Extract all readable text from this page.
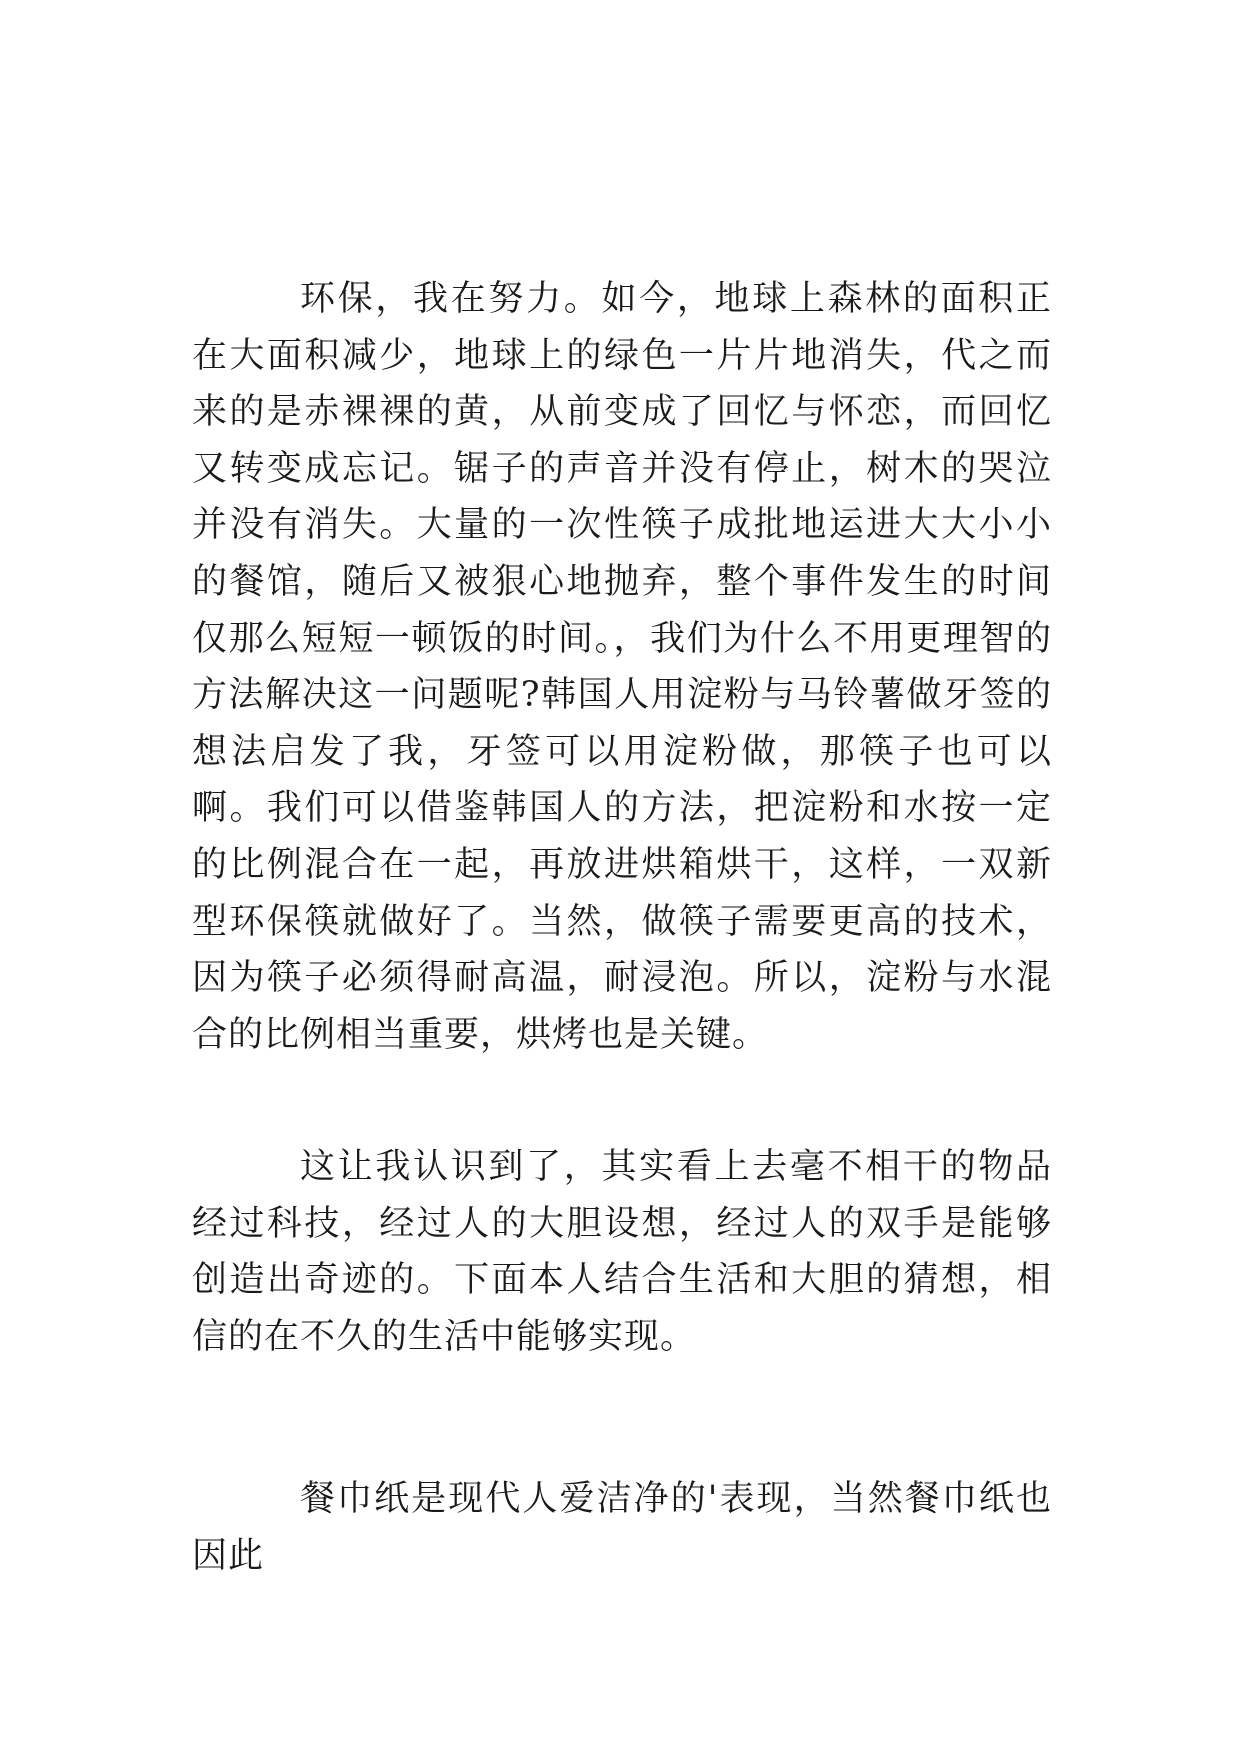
环保，我在努力。如今，地球上森林的面积正在大面积减少，地球上的绿色一片片地消失，代之而来的是赤裸裸的黄，从前变成了回忆与怀恋，而回忆又转变成忘记。锯子的声音并没有停止，树木的哭泣并没有消失。大量的一次性筷子成批地运进大大小小的餐馆，随后又被狠心地抛弃，整个事件发生的时间仅那么短短一顿饭的时间。，我们为什么不用更理智的方法解决这一问题呢?韩国人用淀粉与马铃薯做牙签的想法启发了我，牙签可以用淀粉做，那筷子也可以啊。我们可以借鉴韩国人的方法，把淀粉和水按一定的比例混合在一起，再放进烘箱烘干，这样，一双新型环保筷就做好了。当然，做筷子需要更高的技术，因为筷子必须得耐高温，耐浸泡。所以，淀粉与水混合的比例相当重要，烘烤也是关键。

这让我认识到了，其实看上去毫不相干的物品经过科技，经过人的大胆设想，经过人的双手是能够创造出奇迹的。下面本人结合生活和大胆的猜想，相信的在不久的生活中能够实现。

餐巾纸是现代人爱洁净的'表现，当然餐巾纸也因此
